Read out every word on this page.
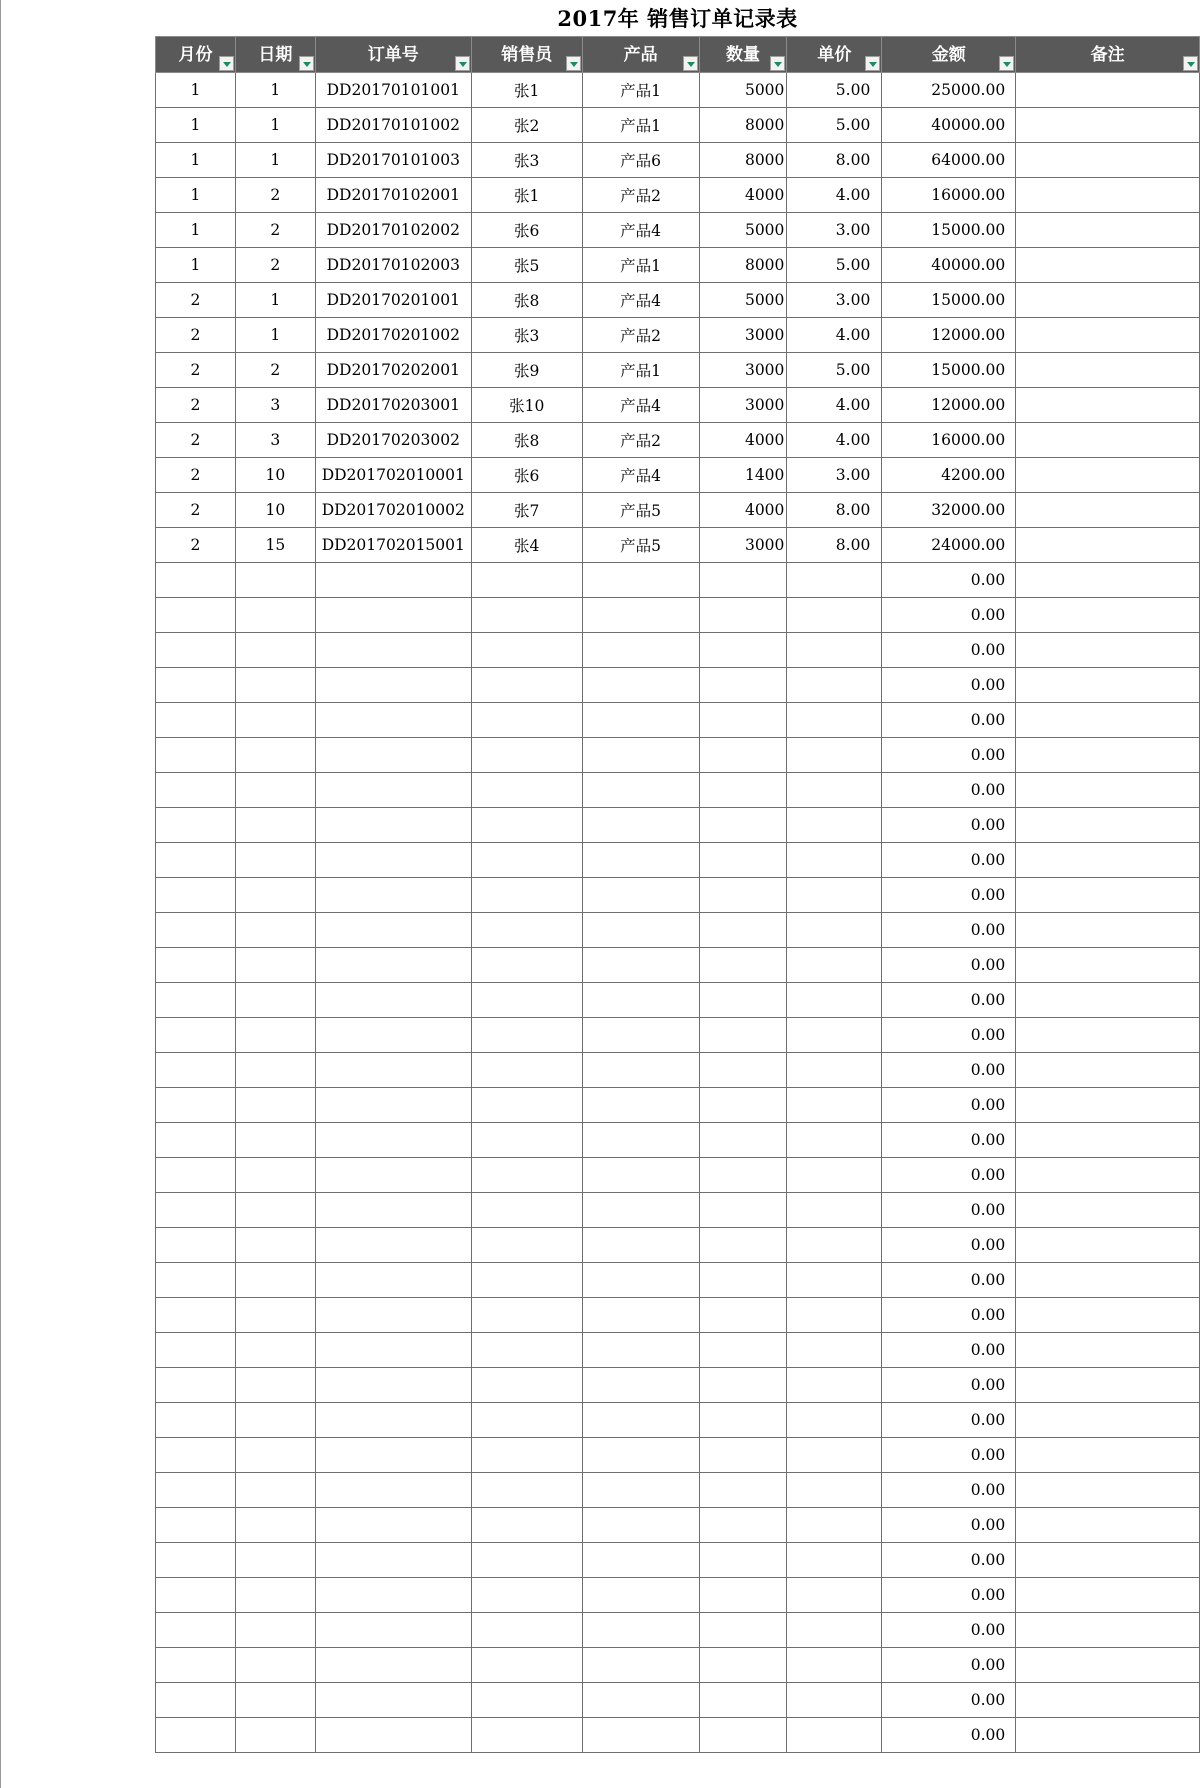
2017年 销售订单记录表
月份	日期	订单号	销售员	产品	数量	单价	金额	备注

1	1	DD20170101001	张1	产品1	5000	5.00	25000.00	
1	1	DD20170101002	张2	产品1	8000	5.00	40000.00	
1	1	DD20170101003	张3	产品6	8000	8.00	64000.00	
1	2	DD20170102001	张1	产品2	4000	4.00	16000.00	
1	2	DD20170102002	张6	产品4	5000	3.00	15000.00	
1	2	DD20170102003	张5	产品1	8000	5.00	40000.00	
2	1	DD20170201001	张8	产品4	5000	3.00	15000.00	
2	1	DD20170201002	张3	产品2	3000	4.00	12000.00	
2	2	DD20170202001	张9	产品1	3000	5.00	15000.00	
2	3	DD20170203001	张10	产品4	3000	4.00	12000.00	
2	3	DD20170203002	张8	产品2	4000	4.00	16000.00	
2	10	DD201702010001	张6	产品4	1400	3.00	4200.00	
2	10	DD201702010002	张7	产品5	4000	8.00	32000.00	
2	15	DD201702015001	张4	产品5	3000	8.00	24000.00	
							0.00	
							0.00	
							0.00	
							0.00	
							0.00	
							0.00	
							0.00	
							0.00	
							0.00	
							0.00	
							0.00	
							0.00	
							0.00	
							0.00	
							0.00	
							0.00	
							0.00	
							0.00	
							0.00	
							0.00	
							0.00	
							0.00	
							0.00	
							0.00	
							0.00	
							0.00	
							0.00	
							0.00	
							0.00	
							0.00	
							0.00	
							0.00	
							0.00	
							0.00	
